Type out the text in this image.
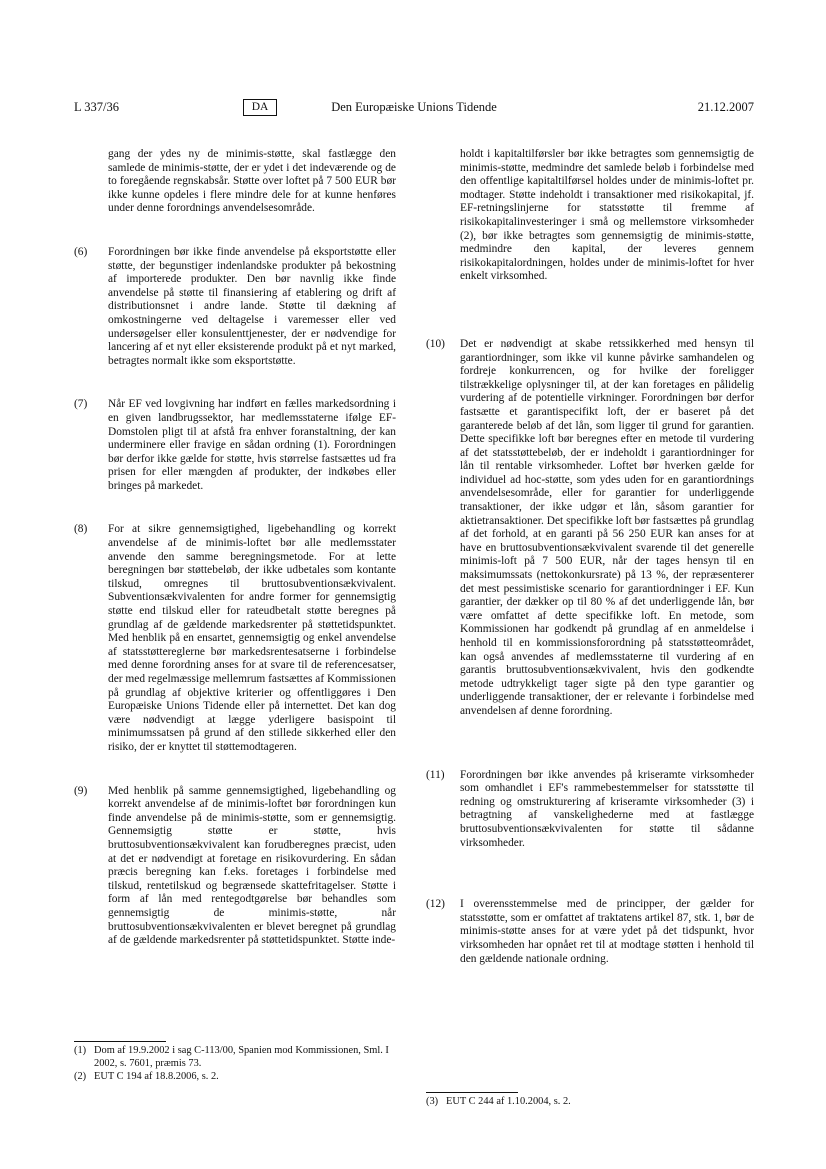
L 337/36	Den Europæiske Unions Tidende
DA	21.12.2007
gang der ydes ny de minimis-støtte, skal fastlægge den samlede de minimis-støtte, der er ydet i det indeværende og de to foregående regnskabsår. Støtte over loftet på 7 500 EUR bør ikke kunne opdeles i flere mindre dele for at kunne henføres under denne forordnings anvendelsesområde.
(6) Forordningen bør ikke finde anvendelse på eksportstøtte eller støtte, der begunstiger indenlandske produkter på bekostning af importerede produkter. Den bør navnlig ikke finde anvendelse på støtte til finansiering af etablering og drift af distributionsnet i andre lande. Støtte til dækning af omkostningerne ved deltagelse i varemesser eller ved undersøgelser eller konsulenttjenester, der er nødvendige for lancering af et nyt eller eksisterende produkt på et nyt marked, betragtes normalt ikke som eksportstøtte.
(7) Når EF ved lovgivning har indført en fælles markedsordning i en given landbrugssektor, har medlemsstaterne ifølge EF-Domstolen pligt til at afstå fra enhver foranstaltning, der kan underminere eller fravige en sådan ordning (1). Forordningen bør derfor ikke gælde for støtte, hvis størrelse fastsættes ud fra prisen for eller mængden af produkter, der indkøbes eller bringes på markedet.
(8) For at sikre gennemsigtighed, ligebehandling og korrekt anvendelse af de minimis-loftet bør alle medlemsstater anvende den samme beregningsmetode. For at lette beregningen bør støttebeløb, der ikke udbetales som kontante tilskud, omregnes til bruttosubventionsækvivalent. Subventionsækvivalenten for andre former for gennemsigtig støtte end tilskud eller for rateudbetalt støtte beregnes på grundlag af de gældende markedsrenter på støttetidspunktet. Med henblik på en ensartet, gennemsigtig og enkel anvendelse af statsstøttereglerne bør markedsrentesatserne i forbindelse med denne forordning anses for at svare til de referencesatser, der med regelmæssige mellemrum fastsættes af Kommissionen på grundlag af objektive kriterier og offentliggøres i Den Europæiske Unions Tidende eller på internettet. Det kan dog være nødvendigt at lægge yderligere basispoint til minimumssatsen på grund af den stillede sikkerhed eller den risiko, der er knyttet til støttemodtageren.
(9) Med henblik på samme gennemsigtighed, ligebehandling og korrekt anvendelse af de minimis-loftet bør forordningen kun finde anvendelse på de minimis-støtte, som er gennemsigtig. Gennemsigtig støtte er støtte, hvis bruttosubventionsækvivalent kan forudberegnes præcist, uden at det er nødvendigt at foretage en risikovurdering. En sådan præcis beregning kan f.eks. foretages i forbindelse med tilskud, rentetilskud og begrænsede skattefritagelser. Støtte i form af lån med rentegodtgørelse bør behandles som gennemsigtig de minimis-støtte, når bruttosubventionsækvivalenten er blevet beregnet på grundlag af de gældende markedsrenter på støttetidspunktet. Støtte inde-
(1) Dom af 19.9.2002 i sag C-113/00, Spanien mod Kommissionen, Sml. I 2002, s. 7601, præmis 73.
(2) EUT C 194 af 18.8.2006, s. 2.
holdt i kapitaltilførsler bør ikke betragtes som gennemsigtig de minimis-støtte, medmindre det samlede beløb i forbindelse med den offentlige kapitaltilførsel holdes under de minimis-loftet pr. modtager. Støtte indeholdt i transaktioner med risikokapital, jf. EF-retningslinjerne for statsstøtte til fremme af risikokapitalinvesteringer i små og mellemstore virksomheder (2), bør ikke betragtes som gennemsigtig de minimis-støtte, medmindre den kapital, der leveres gennem risikokapitalordningen, holdes under de minimis-loftet for hver enkelt virksomhed.
(10) Det er nødvendigt at skabe retssikkerhed med hensyn til garantiordninger, som ikke vil kunne påvirke samhandelen og fordreje konkurrencen, og for hvilke der foreligger tilstrækkelige oplysninger til, at der kan foretages en pålidelig vurdering af de potentielle virkninger. Forordningen bør derfor fastsætte et garantispecifikt loft, der er baseret på det garanterede beløb af det lån, som ligger til grund for garantien. Dette specifikke loft bør beregnes efter en metode til vurdering af det statsstøttebeløb, der er indeholdt i garantiordninger for lån til rentable virksomheder. Loftet bør hverken gælde for individuel ad hoc-støtte, som ydes uden for en garantiordnings anvendelsesområde, eller for garantier for underliggende transaktioner, der ikke udgør et lån, såsom garantier for aktietransaktioner. Det specifikke loft bør fastsættes på grundlag af det forhold, at en garanti på 56 250 EUR kan anses for at have en bruttosubventionsækvivalent svarende til det generelle minimis-loft på 7 500 EUR, når der tages hensyn til en maksimumssats (nettokonkursrate) på 13 %, der repræsenterer det mest pessimistiske scenario for garantiordninger i EF. Kun garantier, der dækker op til 80 % af det underliggende lån, bør være omfattet af dette specifikke loft. En metode, som Kommissionen har godkendt på grundlag af en anmeldelse i henhold til en kommissionsforordning på statsstøtteområdet, kan også anvendes af medlemsstaterne til vurdering af en garantis bruttosubventionsækvivalent, hvis den godkendte metode udtrykkeligt tager sigte på den type garantier og underliggende transaktioner, der er relevante i forbindelse med anvendelsen af denne forordning.
(11) Forordningen bør ikke anvendes på kriseramte virksomheder som omhandlet i EF's rammebestemmelser for statsstøtte til redning og omstrukturering af kriseramte virksomheder (3) i betragtning af vanskelighederne med at fastlægge bruttosubventionsækvivalenten for støtte til sådanne virksomheder.
(12) I overensstemmelse med de principper, der gælder for statsstøtte, som er omfattet af traktatens artikel 87, stk. 1, bør de minimis-støtte anses for at være ydet på det tidspunkt, hvor virksomheden har opnået ret til at modtage støtten i henhold til den gældende nationale ordning.
(3) EUT C 244 af 1.10.2004, s. 2.
